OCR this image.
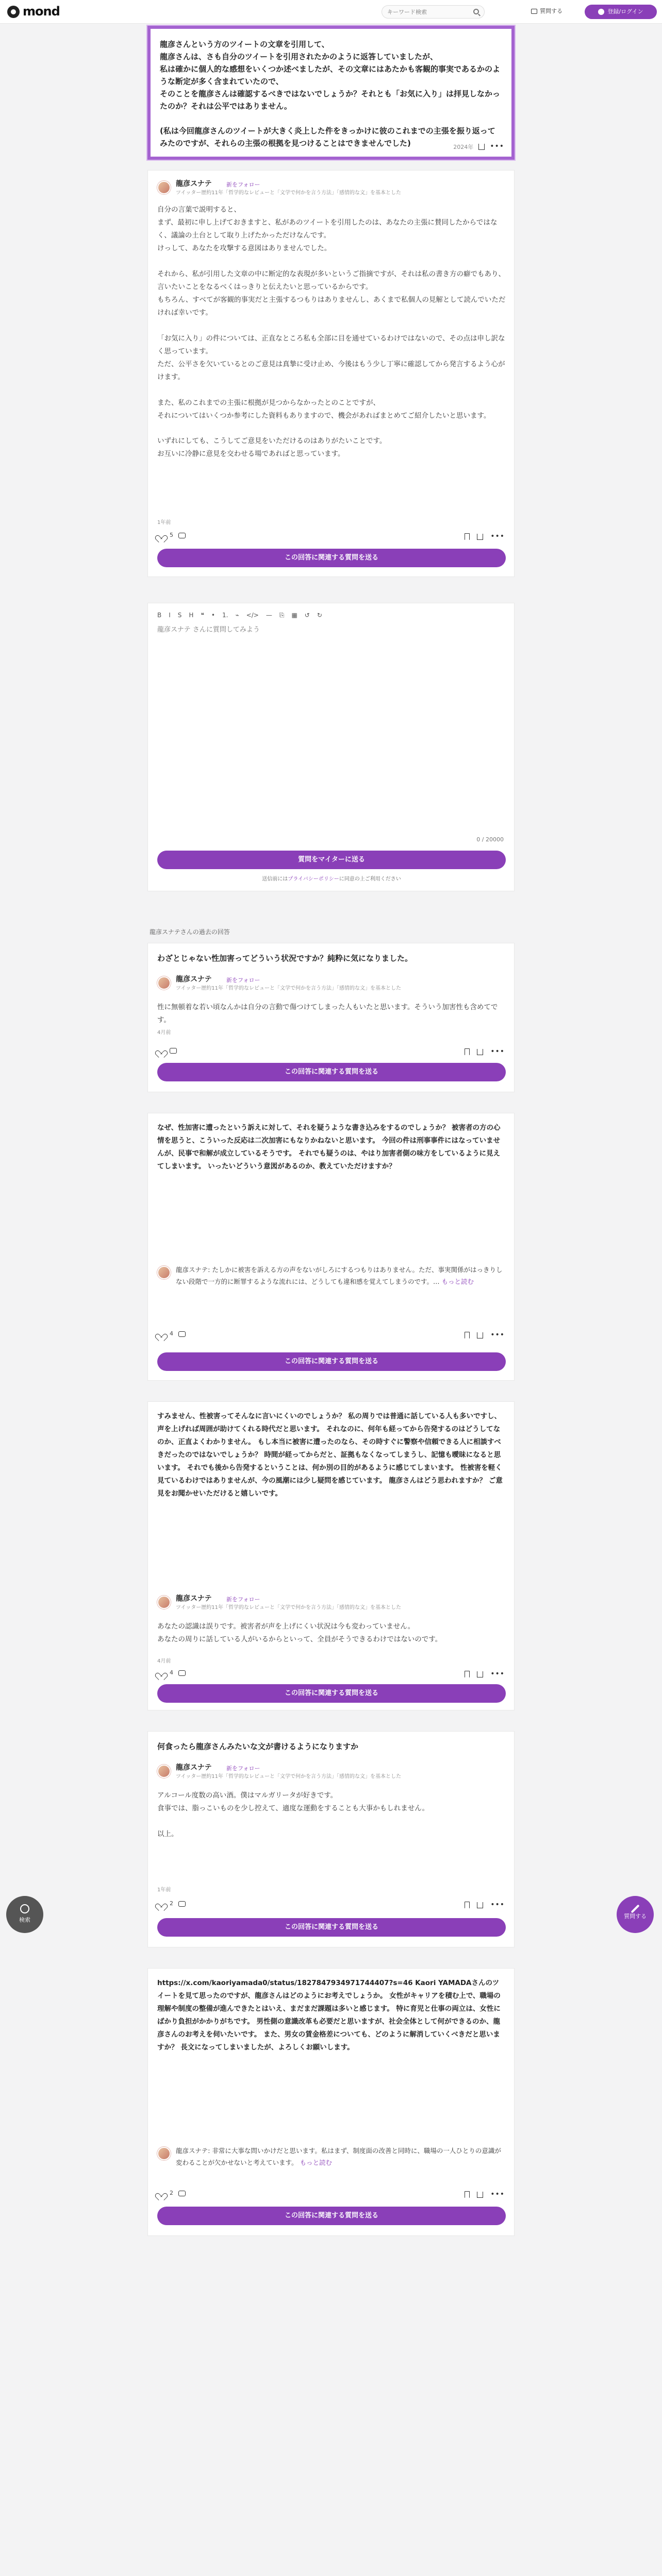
mond
キーワード検索	質問する	登録/ログイン
龍彦さんという方のツイートの文章を引用して、
龍彦さんは、さも自分のツイートを引用されたかのように返答していましたが、
私は確かに個人的な感想をいくつか述べましたが、その文章にはあたかも客観的事実であるかのような断定が多く含まれていたので、
そのことを龍彦さんは確認するべきではないでしょうか？それとも「お気に入り」は拝見しなかったのか？それは公平ではありません。

(私は今回龍彦さんのツイートが大きく炎上した件をきっかけに彼のこれまでの主張を振り返ってみたのですが、それらの主張の根拠を見つけることはできませんでした)	2024年 •••
龍彦スナテ	新をフォロー
ツイッター歴約11年「哲学的なレビューと「文学で何かを言う方法」「感情的な文」を基本とした
自分の言葉で説明すると、
まず、最初に申し上げておきますと、私があのツイートを引用したのは、あなたの主張に賛同したからではなく、議論の土台として取り上げたかっただけなんです。
けっして、あなたを攻撃する意図はありませんでした。

それから、私が引用した文章の中に断定的な表現が多いというご指摘ですが、それは私の書き方の癖でもあり、言いたいことをなるべくはっきりと伝えたいと思っているからです。
もちろん、すべてが客観的事実だと主張するつもりはありませんし、あくまで私個人の見解として読んでいただければ幸いです。

「お気に入り」の件については、正直なところ私も全部に目を通せているわけではないので、その点は申し訳なく思っています。
ただ、公平さを欠いているとのご意見は真摯に受け止め、今後はもう少し丁寧に確認してから発言するよう心がけます。

また、私のこれまでの主張に根拠が見つからなかったとのことですが、
それについてはいくつか参考にした資料もありますので、機会があればまとめてご紹介したいと思います。

いずれにしても、こうしてご意見をいただけるのはありがたいことです。
お互いに冷静に意見を交わせる場であればと思っています。
1年前
5	•••
この回答に関連する質問を送る
B I S H ❝ • 1. ⌁ </> — ⎘ ▦ ↺ ↻
龍彦スナテ さんに質問してみよう
0 / 20000
質問をマイターに送る
送信前にはプライバシーポリシーに同意の上ご利用ください
龍彦スナテさんの過去の回答
わざとじゃない性加害ってどういう状況ですか？純粋に気になりました。
龍彦スナテ	新をフォロー
ツイッター歴約11年「哲学的なレビューと「文学で何かを言う方法」「感情的な文」を基本とした
性に無頓着な若い頃なんかは自分の言動で傷つけてしまった人もいたと思います。そういう加害性も含めてです。
4月前
•••
この回答に関連する質問を送る
なぜ、性加害に遭ったという訴えに対して、それを疑うような書き込みをするのでしょうか？ 被害者の方の心情を思うと、こういった反応は二次加害にもなりかねないと思います。 今回の件は刑事事件にはなっていませんが、民事で和解が成立しているそうです。 それでも疑うのは、やはり加害者側の味方をしているように見えてしまいます。 いったいどういう意図があるのか、教えていただけますか？
龍彦スナテ: たしかに被害を訴える方の声をないがしろにするつもりはありません。ただ、事実関係がはっきりしない段階で一方的に断罪するような流れには、どうしても違和感を覚えてしまうのです。… もっと読む
4	•••
この回答に関連する質問を送る
すみません、性被害ってそんなに言いにくいのでしょうか？ 私の周りでは普通に話している人も多いですし、声を上げれば周囲が助けてくれる時代だと思います。 それなのに、何年も経ってから告発するのはどうしてなのか、正直よくわかりません。 もし本当に被害に遭ったのなら、その時すぐに警察や信頼できる人に相談すべきだったのではないでしょうか？ 時間が経ってからだと、証拠もなくなってしまうし、記憶も曖昧になると思います。 それでも後から告発するということは、何か別の目的があるように感じてしまいます。 性被害を軽く見ているわけではありませんが、今の風潮には少し疑問を感じています。 龍彦さんはどう思われますか？ ご意見をお聞かせいただけると嬉しいです。
龍彦スナテ	新をフォロー
ツイッター歴約11年「哲学的なレビューと「文学で何かを言う方法」「感情的な文」を基本とした
あなたの認識は誤りです。被害者が声を上げにくい状況は今も変わっていません。
あなたの周りに話している人がいるからといって、全員がそうできるわけではないのです。
4月前
4	•••
この回答に関連する質問を送る
何食ったら龍彦さんみたいな文が書けるようになりますか
龍彦スナテ	新をフォロー
ツイッター歴約11年「哲学的なレビューと「文学で何かを言う方法」「感情的な文」を基本とした
アルコール度数の高い酒。僕はマルガリータが好きです。
食事では、脂っこいものを少し控えて、適度な運動をすることも大事かもしれません。

以上。
1年前
2	•••
この回答に関連する質問を送る
https://x.com/kaoriyamada0/status/1827847934971744407?s=46 Kaori YAMADAさんのツイートを見て思ったのですが、龍彦さんはどのようにお考えでしょうか。 女性がキャリアを積む上で、職場の理解や制度の整備が進んできたとはいえ、まだまだ課題は多いと感じます。 特に育児と仕事の両立は、女性にばかり負担がかかりがちです。 男性側の意識改革も必要だと思いますが、社会全体として何ができるのか、龍彦さんのお考えを伺いたいです。 また、男女の賃金格差についても、どのように解消していくべきだと思いますか？ 長文になってしまいましたが、よろしくお願いします。
龍彦スナテ: 非常に大事な問いかけだと思います。私はまず、制度面の改善と同時に、職場の一人ひとりの意識が変わることが欠かせないと考えています。 もっと読む
2	•••
この回答に関連する質問を送る
検索
質問する
